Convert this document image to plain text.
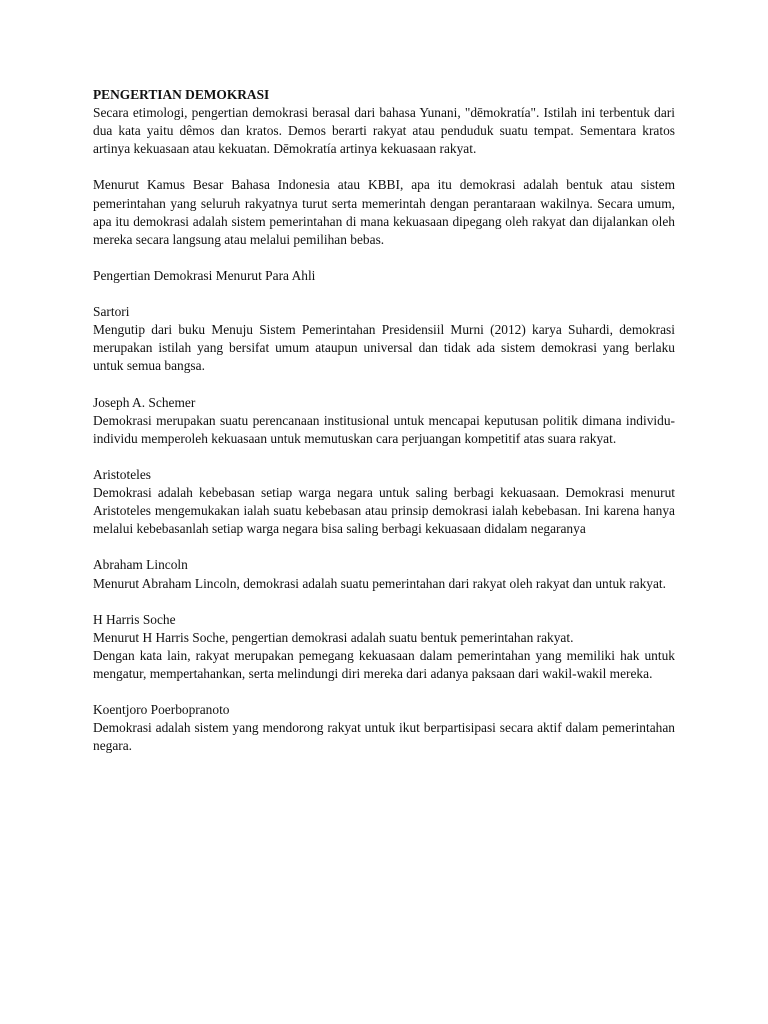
PENGERTIAN DEMOKRASI

Secara etimologi, pengertian demokrasi berasal dari bahasa Yunani, "dēmokratía". Istilah ini terbentuk dari dua kata yaitu dêmos dan kratos. Demos berarti rakyat atau penduduk suatu tempat. Sementara kratos artinya kekuasaan atau kekuatan. Dēmokratía artinya kekuasaan rakyat.

Menurut Kamus Besar Bahasa Indonesia atau KBBI, apa itu demokrasi adalah bentuk atau sistem pemerintahan yang seluruh rakyatnya turut serta memerintah dengan perantaraan wakilnya. Secara umum, apa itu demokrasi adalah sistem pemerintahan di mana kekuasaan dipegang oleh rakyat dan dijalankan oleh mereka secara langsung atau melalui pemilihan bebas.

Pengertian Demokrasi Menurut Para Ahli

Sartori

Mengutip dari buku Menuju Sistem Pemerintahan Presidensiil Murni (2012) karya Suhardi, demokrasi merupakan istilah yang bersifat umum ataupun universal dan tidak ada sistem demokrasi yang berlaku untuk semua bangsa.

Joseph A. Schemer

Demokrasi merupakan suatu perencanaan institusional untuk mencapai keputusan politik dimana individu- individu memperoleh kekuasaan untuk memutuskan cara perjuangan kompetitif atas suara rakyat.

Aristoteles

Demokrasi adalah kebebasan setiap warga negara untuk saling berbagi kekuasaan. Demokrasi menurut Aristoteles mengemukakan ialah suatu kebebasan atau prinsip demokrasi ialah kebebasan. Ini karena hanya melalui kebebasanlah setiap warga negara bisa saling berbagi kekuasaan didalam negaranya

Abraham Lincoln

Menurut Abraham Lincoln, demokrasi adalah suatu pemerintahan dari rakyat oleh rakyat dan untuk rakyat.

H Harris Soche

Menurut H Harris Soche, pengertian demokrasi adalah suatu bentuk pemerintahan rakyat.

Dengan kata lain, rakyat merupakan pemegang kekuasaan dalam pemerintahan yang memiliki hak untuk mengatur, mempertahankan, serta melindungi diri mereka dari adanya paksaan dari wakil-wakil mereka.

Koentjoro Poerbopranoto

Demokrasi adalah sistem yang mendorong rakyat untuk ikut berpartisipasi secara aktif dalam pemerintahan negara.
